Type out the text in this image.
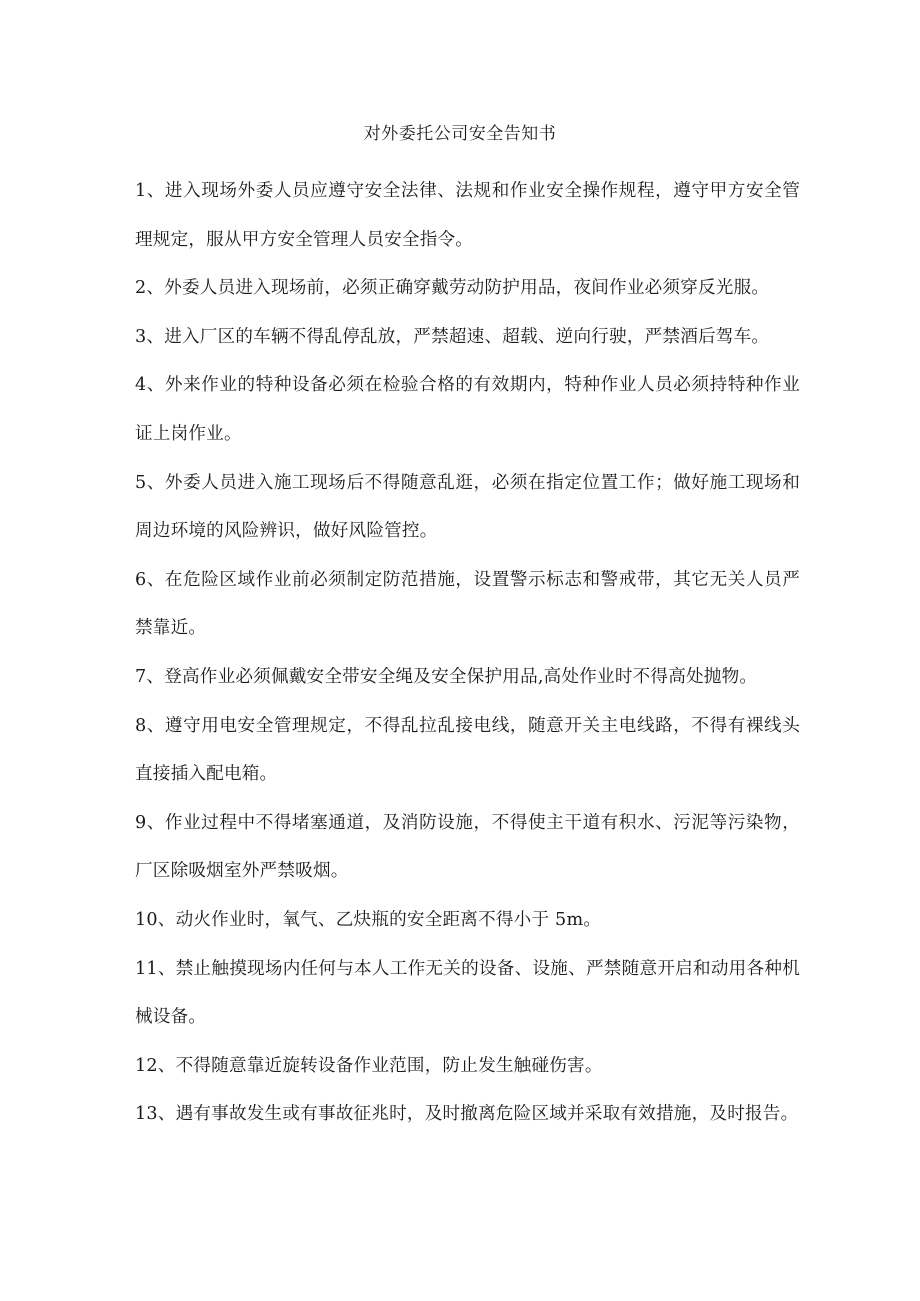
对外委托公司安全告知书
1、进入现场外委人员应遵守安全法律、法规和作业安全操作规程，遵守甲方安全管理规定，服从甲方安全管理人员安全指令。
2、外委人员进入现场前，必须正确穿戴劳动防护用品，夜间作业必须穿反光服。
3、进入厂区的车辆不得乱停乱放，严禁超速、超载、逆向行驶，严禁酒后驾车。
4、外来作业的特种设备必须在检验合格的有效期内，特种作业人员必须持特种作业证上岗作业。
5、外委人员进入施工现场后不得随意乱逛，必须在指定位置工作；做好施工现场和周边环境的风险辨识，做好风险管控。
6、在危险区域作业前必须制定防范措施，设置警示标志和警戒带，其它无关人员严禁靠近。
7、登高作业必须佩戴安全带安全绳及安全保护用品,高处作业时不得高处抛物。
8、遵守用电安全管理规定，不得乱拉乱接电线，随意开关主电线路，不得有裸线头直接插入配电箱。
9、作业过程中不得堵塞通道，及消防设施，不得使主干道有积水、污泥等污染物，厂区除吸烟室外严禁吸烟。
10、动火作业时，氧气、乙炔瓶的安全距离不得小于 5m。
11、禁止触摸现场内任何与本人工作无关的设备、设施、严禁随意开启和动用各种机械设备。
12、不得随意靠近旋转设备作业范围，防止发生触碰伤害。
13、遇有事故发生或有事故征兆时，及时撤离危险区域并采取有效措施，及时报告。
